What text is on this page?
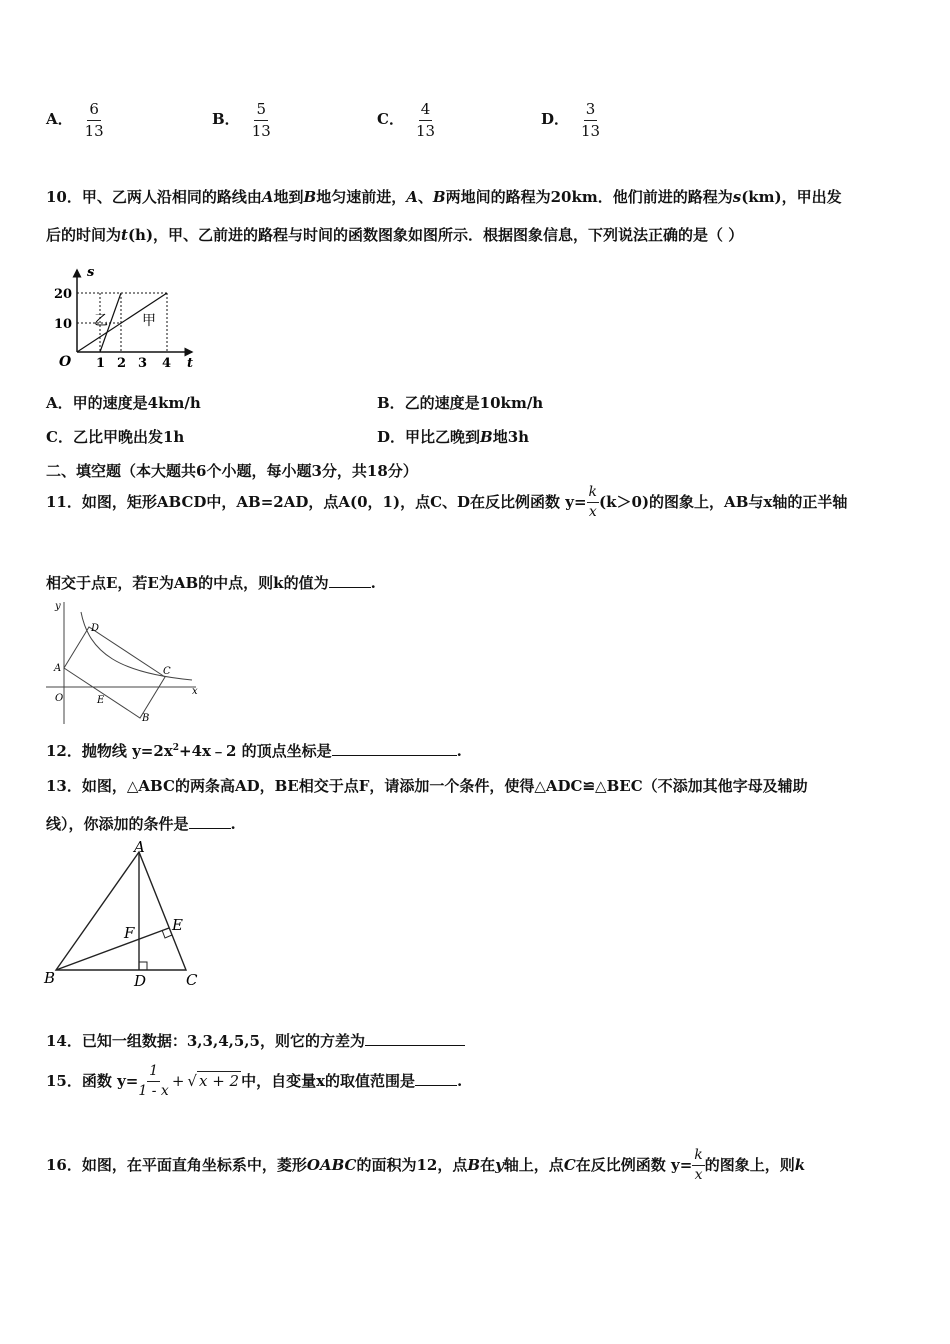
A． $\frac{6}{13}$	B． $\frac{5}{13}$	C． $\frac{4}{13}$	D． $\frac{3}{13}$
10．甲、乙两人沿相同的路线由A地到B地匀速前进，A、B两地间的路程为20km．他们前进的路程为s(km)，甲出发
后的时间为t(h)，甲、乙前进的路程与时间的函数图象如图所示．根据图象信息，下列说法正确的是（ ）
s
t
O
20
10
1 2 3 4
乙 甲
A．甲的速度是4km/h	B．乙的速度是10km/h
C．乙比甲晚出发1h	D．甲比乙晚到B地3h
二、填空题（本大题共6个小题，每小题3分，共18分）
11．如图，矩形ABCD中，AB=2AD，点A(0，1)，点C、D在反比例函数 $y= \frac{k}{x} (k>0)$的图象上，AB与x轴的正半轴
相交于点E，若E为AB的中点，则k的值为	.
y
x
O
A
D
C
E
B
12．抛物线 $y=2x^2+4x﹣2$ 的顶点坐标是	.
13．如图，△ABC的两条高AD，BE相交于点F，请添加一个条件，使得△ADC≌△BEC（不添加其他字母及辅助
线），你添加的条件是	.
A
B	C
D
E
F
14．已知一组数据：3,3,4,5,5，则它的方差为
15．函数 $y= \frac{1}{1 - x}$ + √ x + 2 中，自变量x的取值范围是	.
16．如图，在平面直角坐标系中，菱形OABC的面积为12，点B在y轴上，点C在反比例函数 $y= \frac{k}{x}$ 的图象上，则k
